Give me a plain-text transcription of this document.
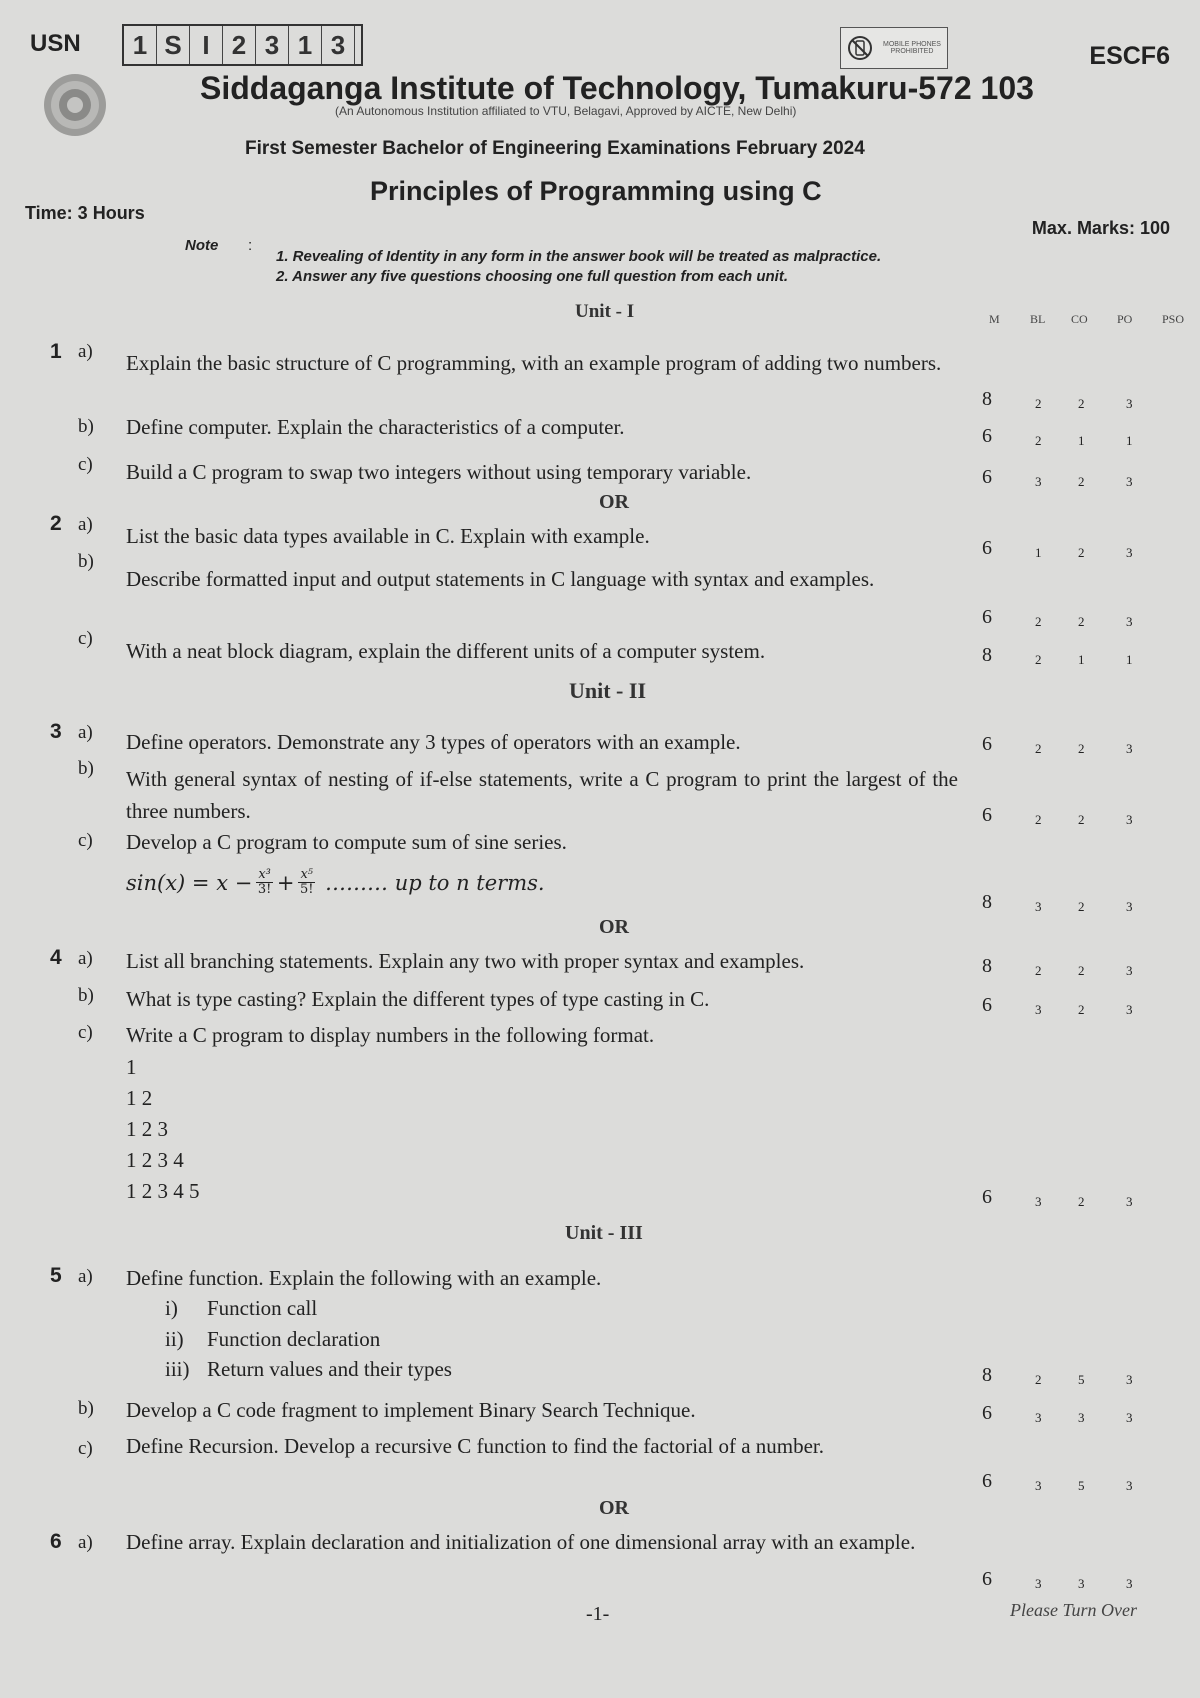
USN	1 S I 2 3 1 3	MOBILE PHONES PROHIBITED	ESCF6
Siddaganga Institute of Technology, Tumakuru-572 103
(An Autonomous Institution affiliated to VTU, Belagavi, Approved by AICTE, New Delhi)
First Semester Bachelor of Engineering Examinations February 2024
Principles of Programming using C
Time: 3 Hours
Max. Marks: 100
Note :
1. Revealing of Identity in any form in the answer book will be treated as malpractice.
2. Answer any five questions choosing one full question from each unit.
M	BL CO PO PSO
Unit - I
1 a) Explain the basic structure of C programming, with an example program of adding two numbers.
8	2	2	3
b) Define computer. Explain the characteristics of a computer.	6	2	1	1
c) Build a C program to swap two integers without using temporary variable.	6	3	2	3
OR
2 a) List the basic data types available in C. Explain with example.	6	1	2	3
b)
Describe formatted input and output statements in C language with syntax and examples.
6	2	2	3
c)
With a neat block diagram, explain the different units of a computer system.	8	2	1	1
Unit - II
3 a) Define operators. Demonstrate any 3 types of operators with an example.	6	2	2	3
b) With general syntax of nesting of if-else statements, write a C program to print the largest of the three numbers.	6	2	2	3
c) Develop a C program to compute sum of sine series.
$\sin(x) = x - \frac{\text{x³}}{3!} + \frac{\text{x⁵}}{5!}$ ……… up to n terms.
8	3	2	3
OR
4 a) List all branching statements. Explain any two with proper syntax and examples.	8	2	2	3
b) What is type casting? Explain the different types of type casting in C.	6	3	2	3
c) Write a C program to display numbers in the following format.
1
1 2
1 2 3
1 2 3 4
1 2 3 4 5	6	3	2	3
Unit - III
5 a) Define function. Explain the following with an example.
i) Function call
ii) Function declaration
iii) Return values and their types	8	2	5	3
b) Develop a C code fragment to implement Binary Search Technique.	6	3	3	3
c) Define Recursion. Develop a recursive C function to find the factorial of a number.
6	3	5	3
OR
6 a) Define array. Explain declaration and initialization of one dimensional array with an example.
6	3	3	3
-1-	Please Turn Over
